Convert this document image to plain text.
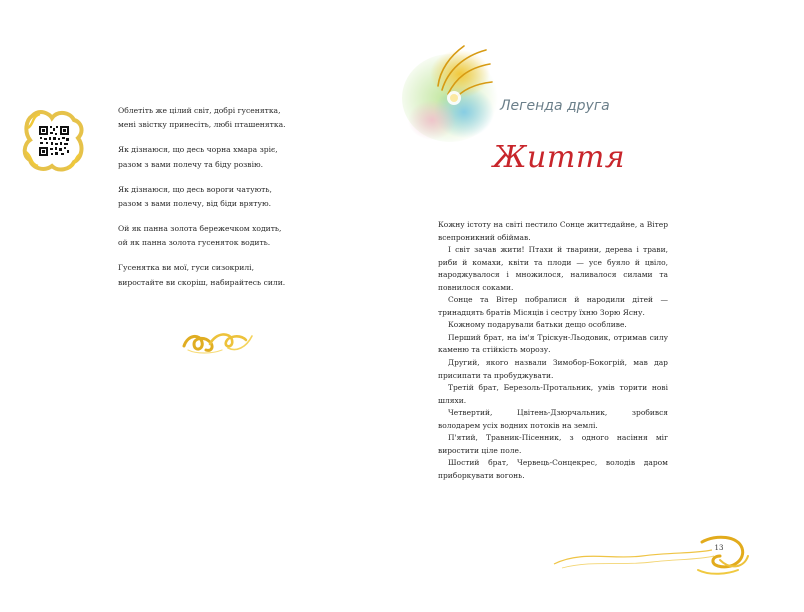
Облетіть же цілий світ, добрі гусенятка,
мені звістку принесіть, любі пташенятка.

Як дізнаюся, що десь чорна хмара зріє,
разом з вами полечу та біду розвію.

Як дізнаюся, що десь вороги чатують,
разом з вами полечу, від біди врятую.

Ой як панна золота бережечком ходить,
ой як панна золота гусеняток водить.

Гусенятка ви мої, гуси сизокрилі,
виростайте ви скоріш, набирайтесь сили.

Легенда друга
Життя

Кожну істоту на світі пестило Сонце життєдайне, а Вітер всепроникний обіймав.

І світ зачав жити! Птахи й тварини, дерева і трави, риби й комахи, квіти та плоди — усе буяло й цвіло, народжувалося і множилося, наливалося силами та повнилося соками.

Сонце та Вітер побралися й народили дітей — тринадцять братів Місяців і сестру їхню Зорю Ясну.

Кожному подарували батьки дещо особливе.

Перший брат, на ім'я Тріскун-Льодовик, отримав силу каменю та стійкість морозу.

Другий, якого назвали Зимобор-Бокогрій, мав дар присипати та пробуджувати.

Третій брат, Березоль-Протальник, умів торити нові шляхи.

Четвертий, Цвітень-Дзюрчальник, зробився володарем усіх водних потоків на землі.

П'ятий, Травник-Пісенник, з одного насіння міг виростити ціле поле.

Шостий брат, Червець-Сонцекрес, володів даром приборкувати вогонь.

13
